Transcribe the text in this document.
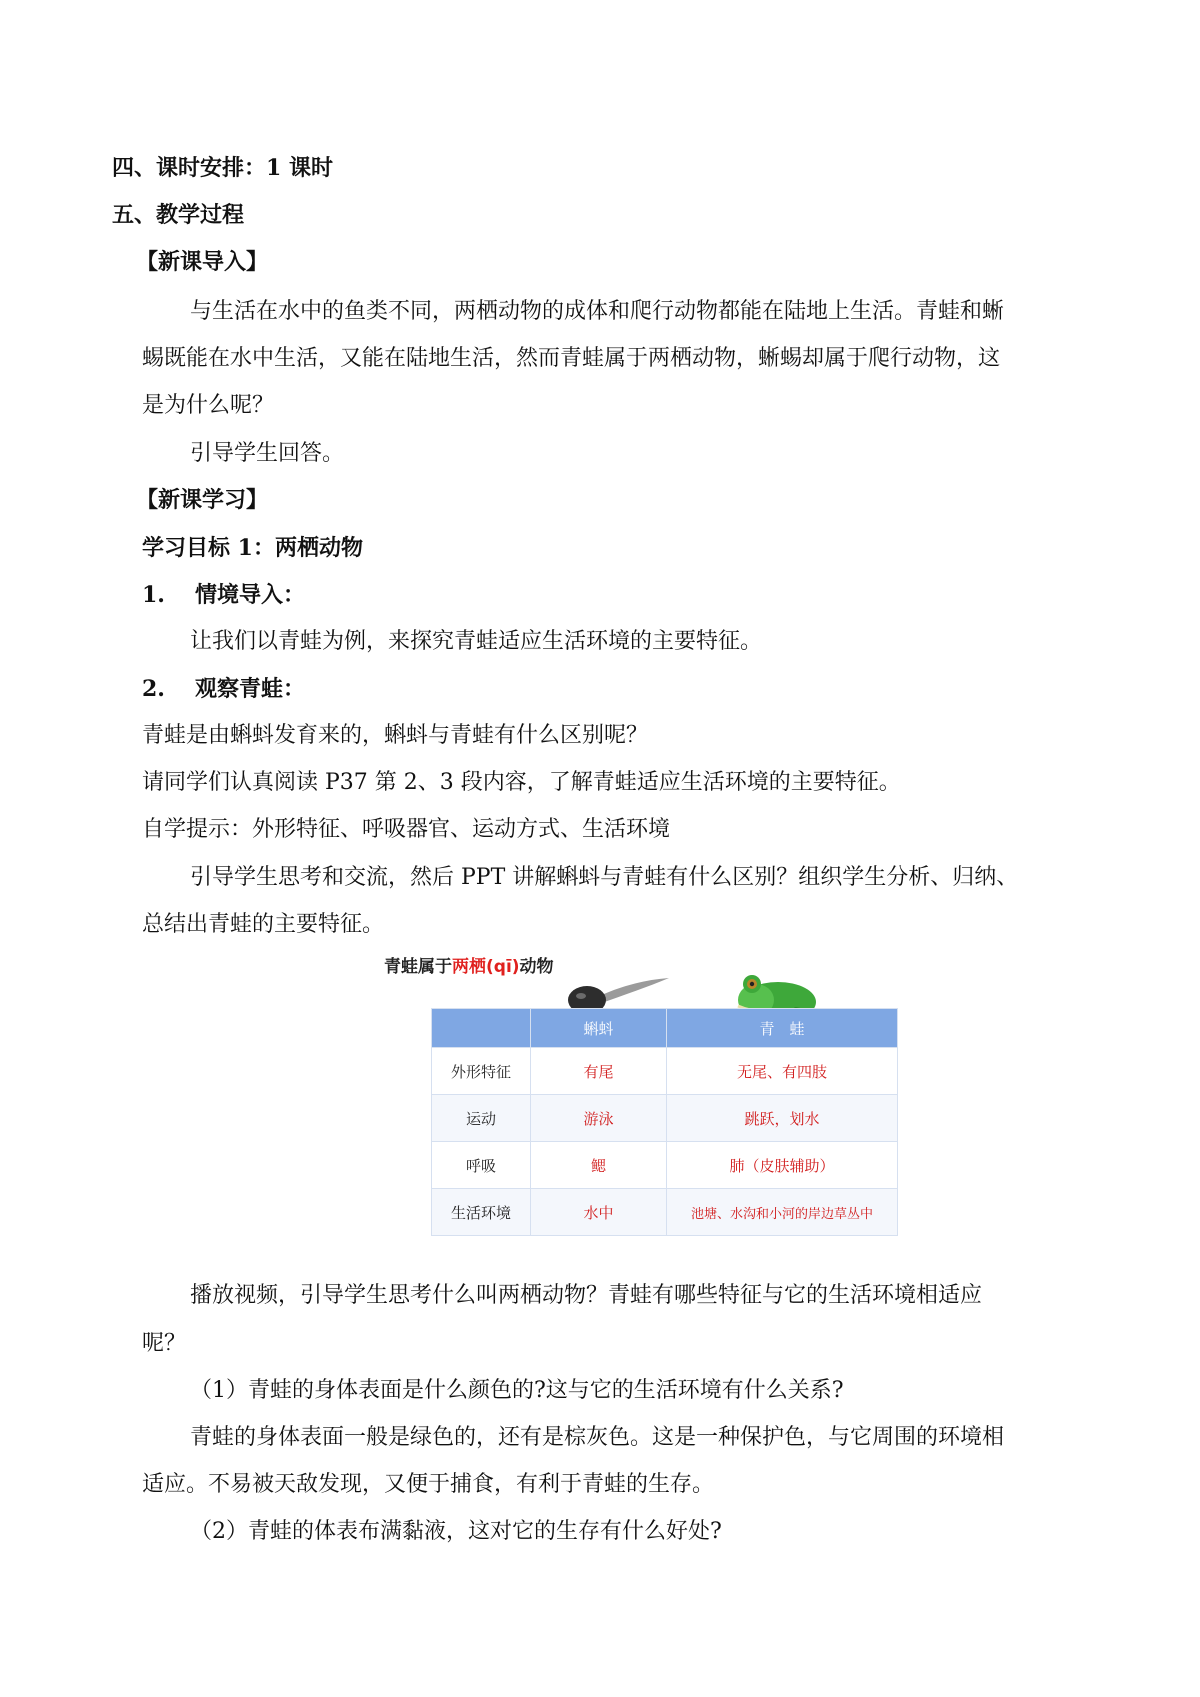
四、课时安排：1 课时
五、教学过程
【新课导入】
与生活在水中的鱼类不同，两栖动物的成体和爬行动物都能在陆地上生活。青蛙和蜥
蜴既能在水中生活，又能在陆地生活，然而青蛙属于两栖动物，蜥蜴却属于爬行动物，这
是为什么呢？
引导学生回答。
【新课学习】
学习目标 1：两栖动物
1. 情境导入：
让我们以青蛙为例，来探究青蛙适应生活环境的主要特征。
2. 观察青蛙：
青蛙是由蝌蚪发育来的，蝌蚪与青蛙有什么区别呢？
请同学们认真阅读 P37 第 2、3 段内容，了解青蛙适应生活环境的主要特征。
自学提示：外形特征、呼吸器官、运动方式、生活环境
引导学生思考和交流，然后 PPT 讲解蝌蚪与青蛙有什么区别？组织学生分析、归纳、
总结出青蛙的主要特征。
青蛙属于两栖(qī)动物
	蝌蚪	青　蛙
外形特征	有尾	无尾、有四肢
运动	游泳	跳跃，划水
呼吸	鳃	肺（皮肤辅助）
生活环境	水中	池塘、水沟和小河的岸边草丛中
播放视频，引导学生思考什么叫两栖动物？青蛙有哪些特征与它的生活环境相适应
呢？
（1）青蛙的身体表面是什么颜色的?这与它的生活环境有什么关系?
青蛙的身体表面一般是绿色的，还有是棕灰色。这是一种保护色，与它周围的环境相
适应。不易被天敌发现，又便于捕食，有利于青蛙的生存。
（2）青蛙的体表布满黏液，这对它的生存有什么好处?
